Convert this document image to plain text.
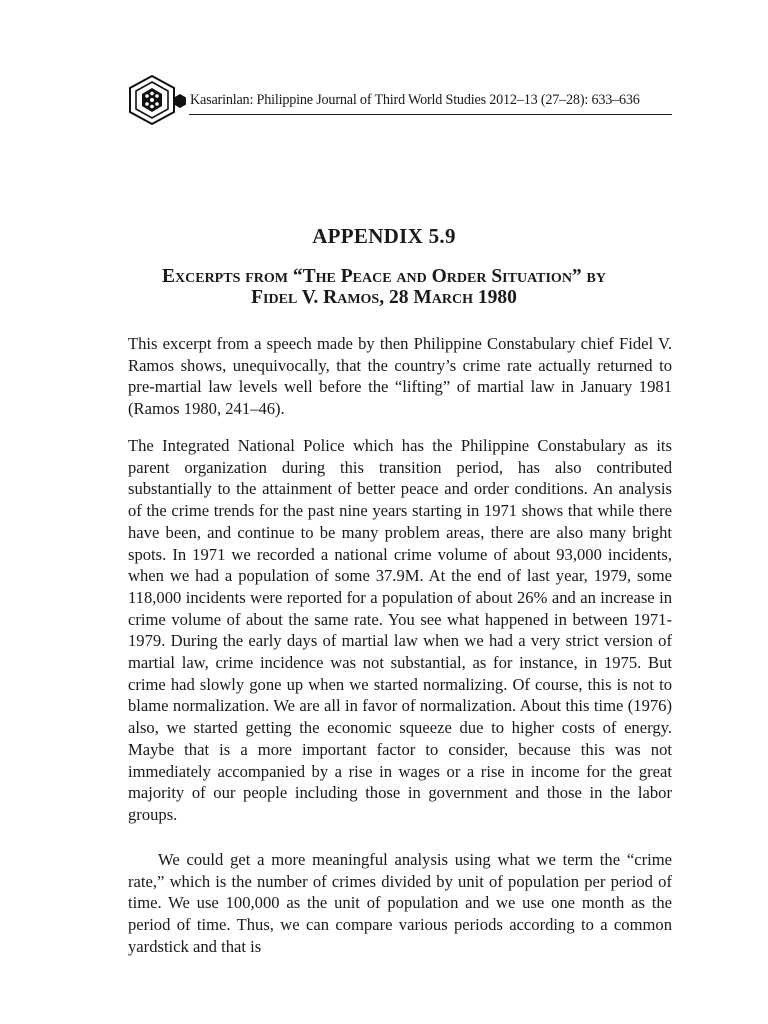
Kasarinlan: Philippine Journal of Third World Studies 2012–13 (27–28): 633–636
APPENDIX 5.9
Excerpts from “The Peace and Order Situation” by
Fidel V. Ramos, 28 March 1980

This excerpt from a speech made by then Philippine Constabulary chief Fidel V. Ramos shows, unequivocally, that the country’s crime rate actually returned to pre-martial law levels well before the “lifting” of martial law in January 1981 (Ramos 1980, 241–46).

The Integrated National Police which has the Philippine Constabulary as its parent organization during this transition period, has also contributed substantially to the attainment of better peace and order conditions. An analysis of the crime trends for the past nine years starting in 1971 shows that while there have been, and continue to be many problem areas, there are also many bright spots. In 1971 we recorded a national crime volume of about 93,000 incidents, when we had a population of some 37.9M. At the end of last year, 1979, some 118,000 incidents were reported for a population of about 26% and an increase in crime volume of about the same rate. You see what happened in between 1971-1979. During the early days of martial law when we had a very strict version of martial law, crime incidence was not substantial, as for instance, in 1975. But crime had slowly gone up when we started normalizing. Of course, this is not to blame normalization. We are all in favor of normalization. About this time (1976) also, we started getting the economic squeeze due to higher costs of energy. Maybe that is a more important factor to consider, because this was not immediately accompanied by a rise in wages or a rise in income for the great majority of our people including those in government and those in the labor groups.

We could get a more meaningful analysis using what we term the “crime rate,” which is the number of crimes divided by unit of population per period of time. We use 100,000 as the unit of population and we use one month as the period of time. Thus, we can compare various periods according to a common yardstick and that is
